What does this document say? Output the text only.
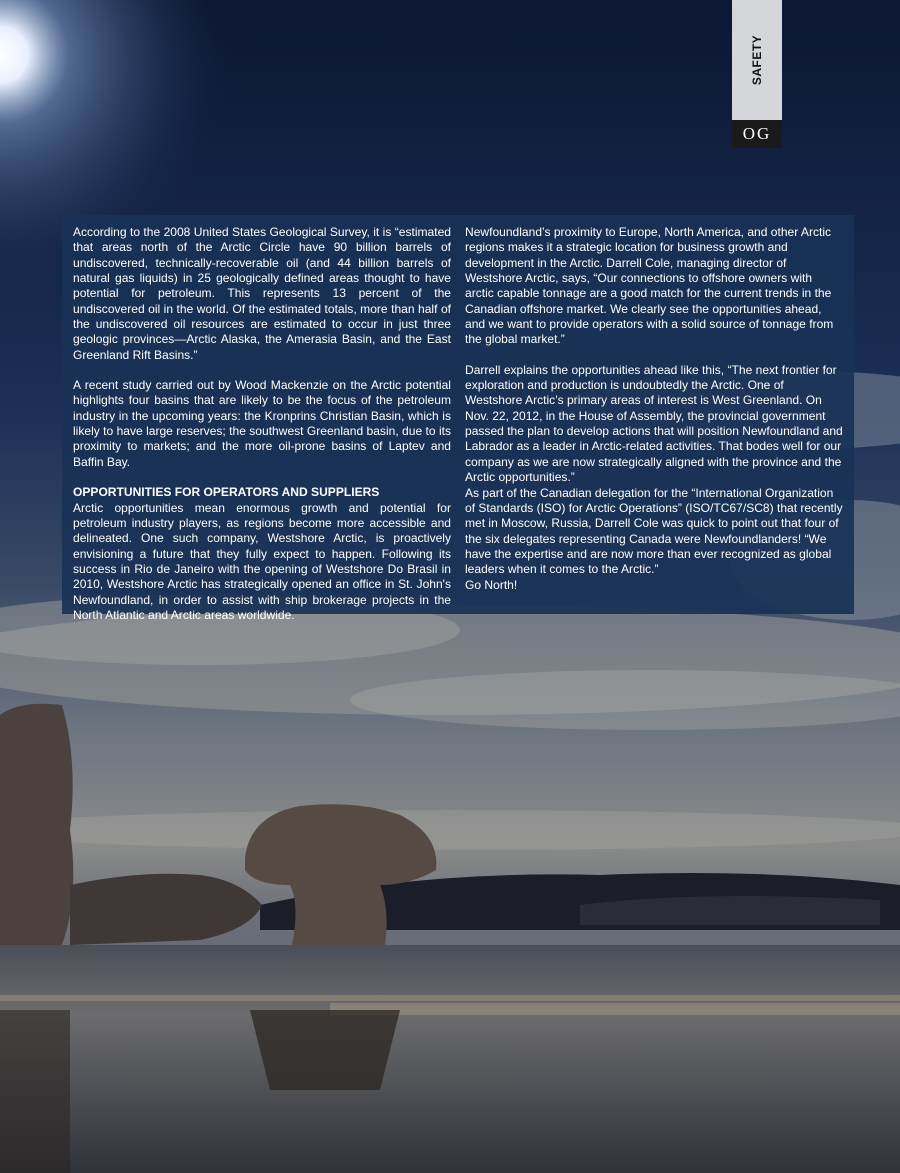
SAFETY
OG

According to the 2008 United States Geological Survey, it is “estimated that areas north of the Arctic Circle have 90 billion barrels of undiscovered, technically-recoverable oil (and 44 billion barrels of natural gas liquids) in 25 geologically defined areas thought to have potential for petroleum. This represents 13 percent of the undiscovered oil in the world. Of the estimated totals, more than half of the undiscovered oil resources are estimated to occur in just three geologic provinces—Arctic Alaska, the Amerasia Basin, and the East Greenland Rift Basins.”

A recent study carried out by Wood Mackenzie on the Arctic potential highlights four basins that are likely to be the focus of the petroleum industry in the upcoming years: the Kronprins Christian Basin, which is likely to have large reserves; the southwest Greenland basin, due to its proximity to markets; and the more oil-prone basins of Laptev and Baffin Bay.

OPPORTUNITIES FOR OPERATORS AND SUPPLIERS

Arctic opportunities mean enormous growth and potential for petroleum industry players, as regions become more accessible and delineated. One such company, Westshore Arctic, is proactively envisioning a future that they fully expect to happen. Following its success in Rio de Janeiro with the opening of Westshore Do Brasil in 2010, Westshore Arctic has strategically opened an office in St. John's Newfoundland, in order to assist with ship brokerage projects in the North Atlantic and Arctic areas worldwide.

Newfoundland’s proximity to Europe, North America, and other Arctic regions makes it a strategic location for business growth and development in the Arctic. Darrell Cole, managing director of Westshore Arctic, says, “Our connections to offshore owners with arctic capable tonnage are a good match for the current trends in the Canadian offshore market. We clearly see the opportunities ahead, and we want to provide operators with a solid source of tonnage from the global market.”

Darrell explains the opportunities ahead like this, “The next frontier for exploration and production is undoubtedly the Arctic. One of Westshore Arctic’s primary areas of interest is West Greenland. On Nov. 22, 2012, in the House of Assembly, the provincial government passed the plan to develop actions that will position Newfoundland and Labrador as a leader in Arctic-related activities. That bodes well for our company as we are now strategically aligned with the province and the Arctic opportunities.”

As part of the Canadian delegation for the “International Organization of Standards (ISO) for Arctic Operations” (ISO/TC67/SC8) that recently met in Moscow, Russia, Darrell Cole was quick to point out that four of the six delegates representing Canada were Newfoundlanders! “We have the expertise and are now more than ever recognized as global leaders when it comes to the Arctic.”

Go North!
